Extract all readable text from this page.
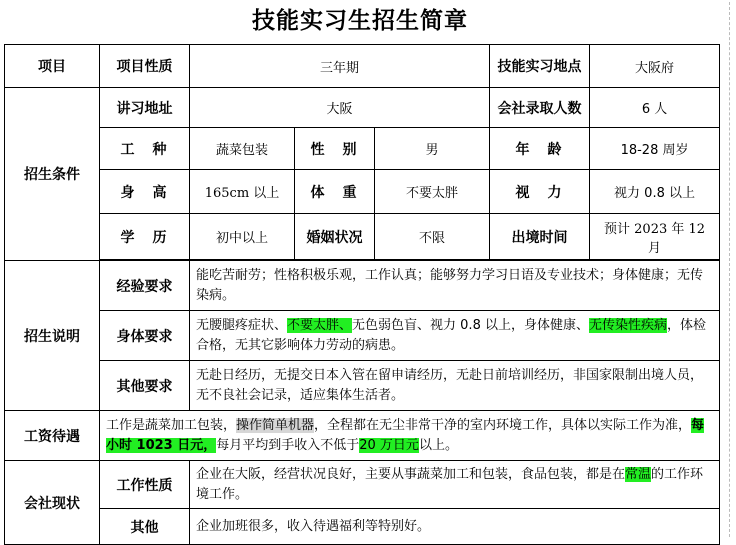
技能实习生招生简章
项目	项目性质	三年期			技能实习地点	大阪府
招生条件	讲习地址	大阪			会社录取人数	6 人
	工　种	蔬菜包装	性　别	男	年　龄	18-28 周岁
	身　高	165cm 以上	体　重	不要太胖	视　力	视力 0.8 以上
	学　历	初中以上	婚姻状况	不限	出境时间	预计 2023 年 12 月

招生说明	经验要求	能吃苦耐劳；性格积极乐观，工作认真；能够努力学习日语及专业技术；身体健康；无传染病。				
	身体要求	无腰腿疼症状、不要太胖、无色弱色盲、视力 0.8 以上，身体健康、无传染性疾病，体检合格，无其它影响体力劳动的病患。				
	其他要求	无赴日经历，无提交日本入管在留申请经历，无赴日前培训经历，非国家限制出境人员，无不良社会记录，适应集体生活者。				
工资待遇	工作是蔬菜加工包装，操作简单机器，全程都在无尘非常干净的室内环境工作，具体以实际工作为准，每小时 1023 日元，每月平均到手收入不低于20 万日元以上。					
会社现状	工作性质	企业在大阪，经营状况良好，主要从事蔬菜加工和包装，食品包装，都是在常温的工作环境工作。				
	其他	企业加班很多，收入待遇福利等特别好。				
